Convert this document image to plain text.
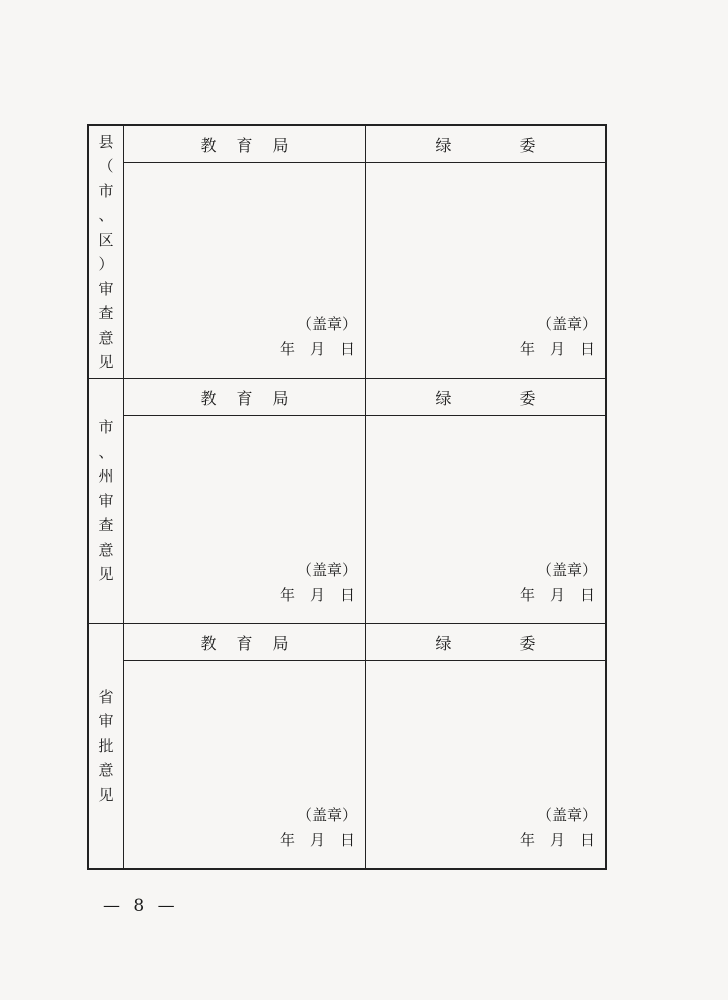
县
（
市
、
区
）
审
查
意
见
教育局
（盖章）
年　月　日
绿委
（盖章）
年　月　日
市
、
州
审
查
意
见
教育局
（盖章）
年　月　日
绿委
（盖章）
年　月　日
省
审
批
意
见
教育局
（盖章）
年　月　日
绿委
（盖章）
年　月　日
— 8 —
